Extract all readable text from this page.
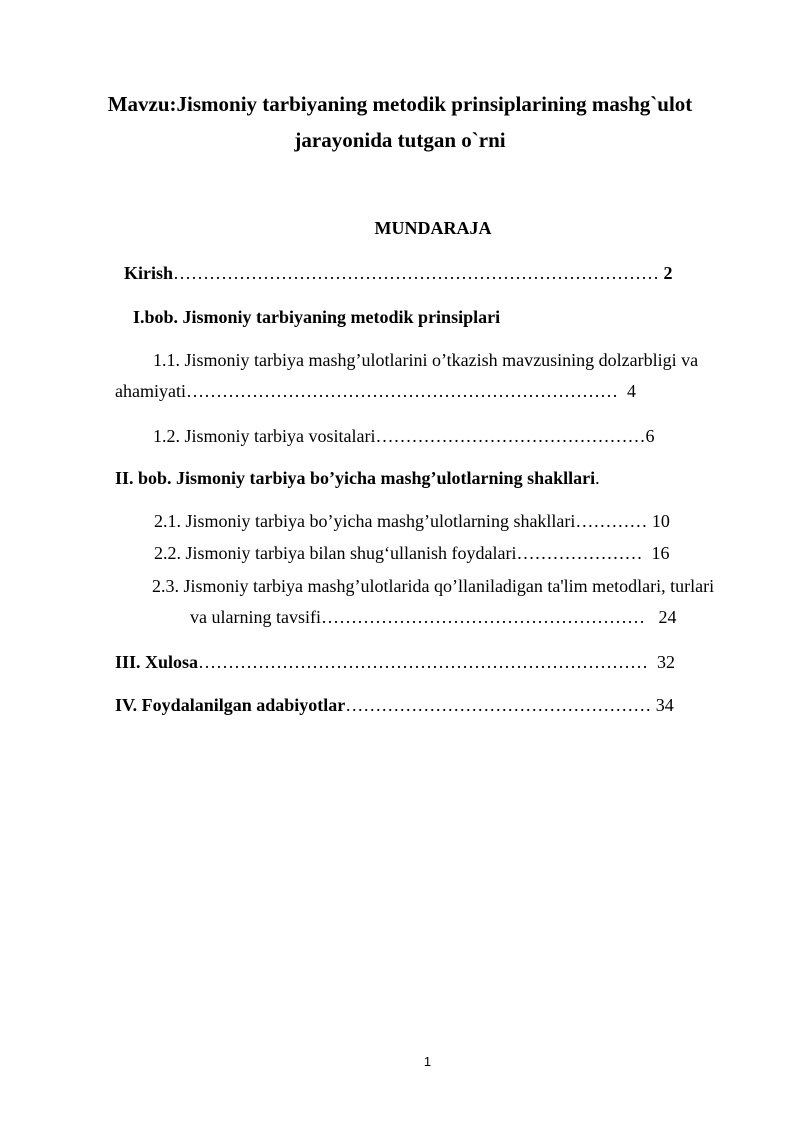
Mavzu:Jismoniy tarbiyaning metodik prinsiplarining mashg`ulot
jarayonida tutgan o`rni
MUNDARAJA
Kirish……………………………………………………………………… 2
I.bob. Jismoniy tarbiyaning metodik prinsiplari
1.1. Jismoniy tarbiya mashg’ulotlarini o’tkazish mavzusining dolzarbligi va
ahamiyati……………………………………………………………… 4
1.2. Jismoniy tarbiya vositalari………………………………………6
II. bob. Jismoniy tarbiya bo’yicha mashg’ulotlarning shakllari.
2.1. Jismoniy tarbiya bo’yicha mashg’ulotlarning shakllari………… 10
2.2. Jismoniy tarbiya bilan shug‘ullanish foydalari………………… 16
2.3. Jismoniy tarbiya mashg’ulotlarida qo’llaniladigan ta'lim metodlari, turlari
va ularning tavsifi……………………………………………… 24
III. Xulosa………………………………………………………………… 32
IV. Foydalanilgan adabiyotlar…………………………………………… 34
1
